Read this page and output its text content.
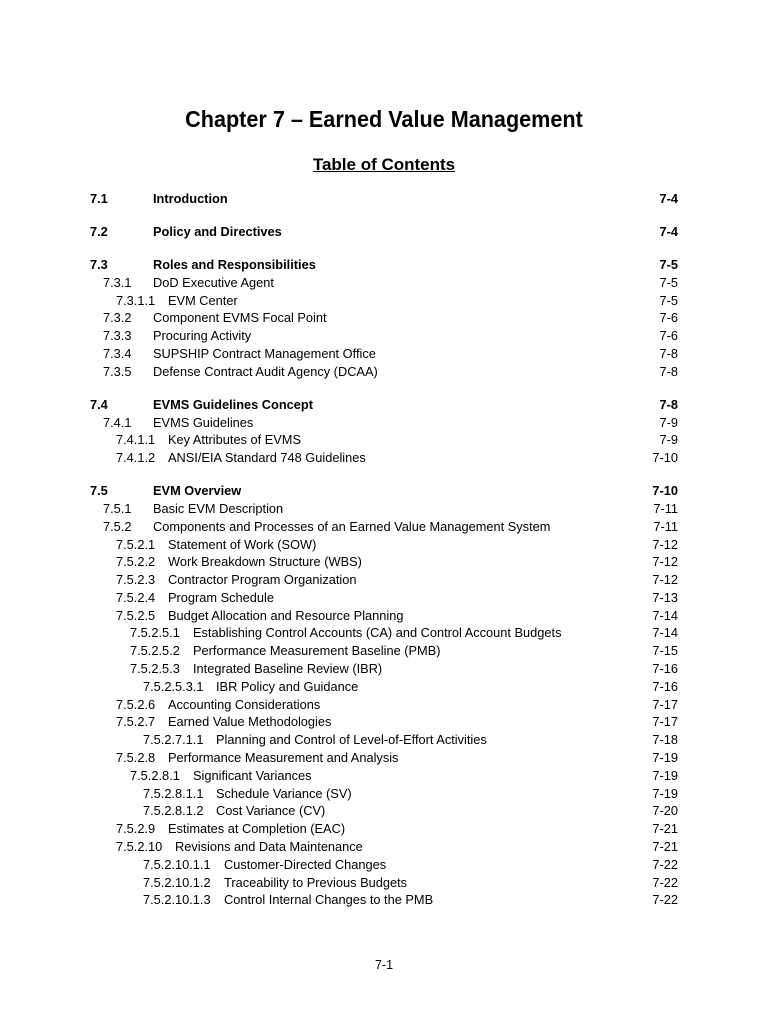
Chapter 7 – Earned Value Management
Table of Contents
7.1	Introduction	7-4
7.2	Policy and Directives	7-4
7.3	Roles and Responsibilities	7-5
7.3.1 DoD Executive Agent	7-5
7.3.1.1 EVM Center	7-5
7.3.2 Component EVMS Focal Point	7-6
7.3.3 Procuring Activity	7-6
7.3.4 SUPSHIP Contract Management Office	7-8
7.3.5 Defense Contract Audit Agency (DCAA)	7-8
7.4	EVMS Guidelines Concept	7-8
7.4.1 EVMS Guidelines	7-9
7.4.1.1 Key Attributes of EVMS	7-9
7.4.1.2 ANSI/EIA Standard 748 Guidelines	7-10
7.5	EVM Overview	7-10
7.5.1 Basic EVM Description	7-11
7.5.2 Components and Processes of an Earned Value Management System	7-11
7.5.2.1 Statement of Work (SOW)	7-12
7.5.2.2 Work Breakdown Structure (WBS)	7-12
7.5.2.3 Contractor Program Organization	7-12
7.5.2.4 Program Schedule	7-13
7.5.2.5 Budget Allocation and Resource Planning	7-14
7.5.2.5.1 Establishing Control Accounts (CA) and Control Account Budgets	7-14
7.5.2.5.2 Performance Measurement Baseline (PMB)	7-15
7.5.2.5.3 Integrated Baseline Review (IBR)	7-16
7.5.2.5.3.1 IBR Policy and Guidance	7-16
7.5.2.6 Accounting Considerations	7-17
7.5.2.7 Earned Value Methodologies	7-17
7.5.2.7.1.1 Planning and Control of Level-of-Effort Activities	7-18
7.5.2.8 Performance Measurement and Analysis	7-19
7.5.2.8.1 Significant Variances	7-19
7.5.2.8.1.1 Schedule Variance (SV)	7-19
7.5.2.8.1.2 Cost Variance (CV)	7-20
7.5.2.9 Estimates at Completion (EAC)	7-21
7.5.2.10 Revisions and Data Maintenance	7-21
7.5.2.10.1.1 Customer-Directed Changes	7-22
7.5.2.10.1.2 Traceability to Previous Budgets	7-22
7.5.2.10.1.3 Control Internal Changes to the PMB	7-22
7-1
